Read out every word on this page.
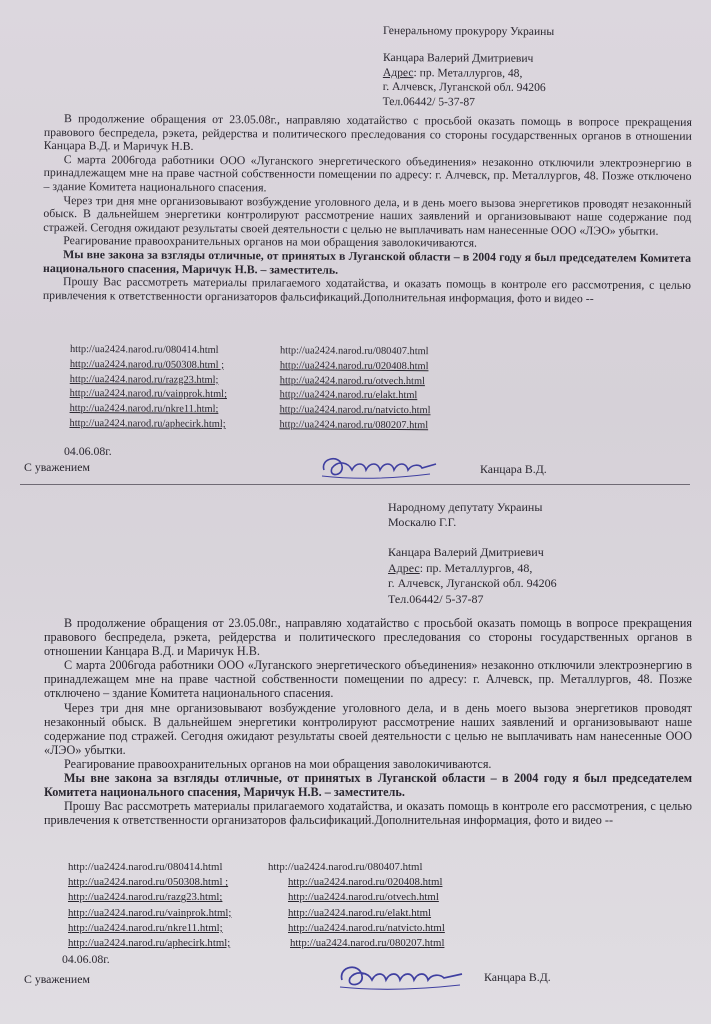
Генеральному прокурору Украины
Канцара Валерий Дмитриевич
Адрес: пр. Металлургов, 48,
г. Алчевск, Луганской обл. 94206
Тел.06442/ 5-37-87

В продолжение обращения от 23.05.08г., направляю ходатайство с просьбой оказать помощь в вопросе прекращения правового беспредела, рэкета, рейдерства и политического преследования со стороны государственных органов в отношении Канцара В.Д. и Маричук Н.В.

С марта 2006года работники ООО «Луганского энергетического объединения» незаконно отключили электроэнергию в принадлежащем мне на праве частной собственности помещении по адресу: г. Алчевск, пр. Металлургов, 48. Позже отключено – здание Комитета национального спасения.

Через три дня мне организовывают возбуждение уголовного дела, и в день моего вызова энергетиков проводят незаконный обыск. В дальнейшем энергетики контролируют рассмотрение наших заявлений и организовывают наше содержание под стражей. Сегодня ожидают результаты своей деятельности с целью не выплачивать нам нанесенные ООО «ЛЭО» убытки.

Реагирование правоохранительных органов на мои обращения заволокичиваются.

Мы вне закона за взгляды отличные, от принятых в Луганской области – в 2004 году я был председателем Комитета национального спасения, Маричук Н.В. – заместитель.

Прошу Вас рассмотреть материалы прилагаемого ходатайства, и оказать помощь в контроле его рассмотрения, с целью привлечения к ответственности организаторов фальсификаций.Дополнительная информация, фото и видео --

http://ua2424.narod.ru/080414.html	http://ua2424.narod.ru/080407.html
http://ua2424.narod.ru/050308.html ;	http://ua2424.narod.ru/020408.html
http://ua2424.narod.ru/razg23.html;	http://ua2424.narod.ru/otvech.html
http://ua2424.narod.ru/vainprok.html;	http://ua2424.narod.ru/elakt.html
http://ua2424.narod.ru/nkre11.html;	http://ua2424.narod.ru/natvicto.html
http://ua2424.narod.ru/aphecirk.html;	http://ua2424.narod.ru/080207.html
04.06.08г.
С уважением	Канцара В.Д.
Народному депутату Украины
Москалю Г.Г.
Канцара Валерий Дмитриевич
Адрес: пр. Металлургов, 48,
г. Алчевск, Луганской обл. 94206
Тел.06442/ 5-37-87

В продолжение обращения от 23.05.08г., направляю ходатайство с просьбой оказать помощь в вопросе прекращения правового беспредела, рэкета, рейдерства и политического преследования со стороны государственных органов в отношении Канцара В.Д. и Маричук Н.В.

С марта 2006года работники ООО «Луганского энергетического объединения» незаконно отключили электроэнергию в принадлежащем мне на праве частной собственности помещении по адресу: г. Алчевск, пр. Металлургов, 48. Позже отключено – здание Комитета национального спасения.

Через три дня мне организовывают возбуждение уголовного дела, и в день моего вызова энергетиков проводят незаконный обыск. В дальнейшем энергетики контролируют рассмотрение наших заявлений и организовывают наше содержание под стражей. Сегодня ожидают результаты своей деятельности с целью не выплачивать нам нанесенные ООО «ЛЭО» убытки.

Реагирование правоохранительных органов на мои обращения заволокичиваются.

Мы вне закона за взгляды отличные, от принятых в Луганской области – в 2004 году я был председателем Комитета национального спасения, Маричук Н.В. – заместитель.

Прошу Вас рассмотреть материалы прилагаемого ходатайства, и оказать помощь в контроле его рассмотрения, с целью привлечения к ответственности организаторов фальсификаций.Дополнительная информация, фото и видео --

http://ua2424.narod.ru/080414.html	http://ua2424.narod.ru/080407.html
http://ua2424.narod.ru/050308.html ;	http://ua2424.narod.ru/020408.html
http://ua2424.narod.ru/razg23.html;	http://ua2424.narod.ru/otvech.html
http://ua2424.narod.ru/vainprok.html;	http://ua2424.narod.ru/elakt.html
http://ua2424.narod.ru/nkre11.html;	http://ua2424.narod.ru/natvicto.html
http://ua2424.narod.ru/aphecirk.html;	http://ua2424.narod.ru/080207.html
04.06.08г.
С уважением	Канцара В.Д.
